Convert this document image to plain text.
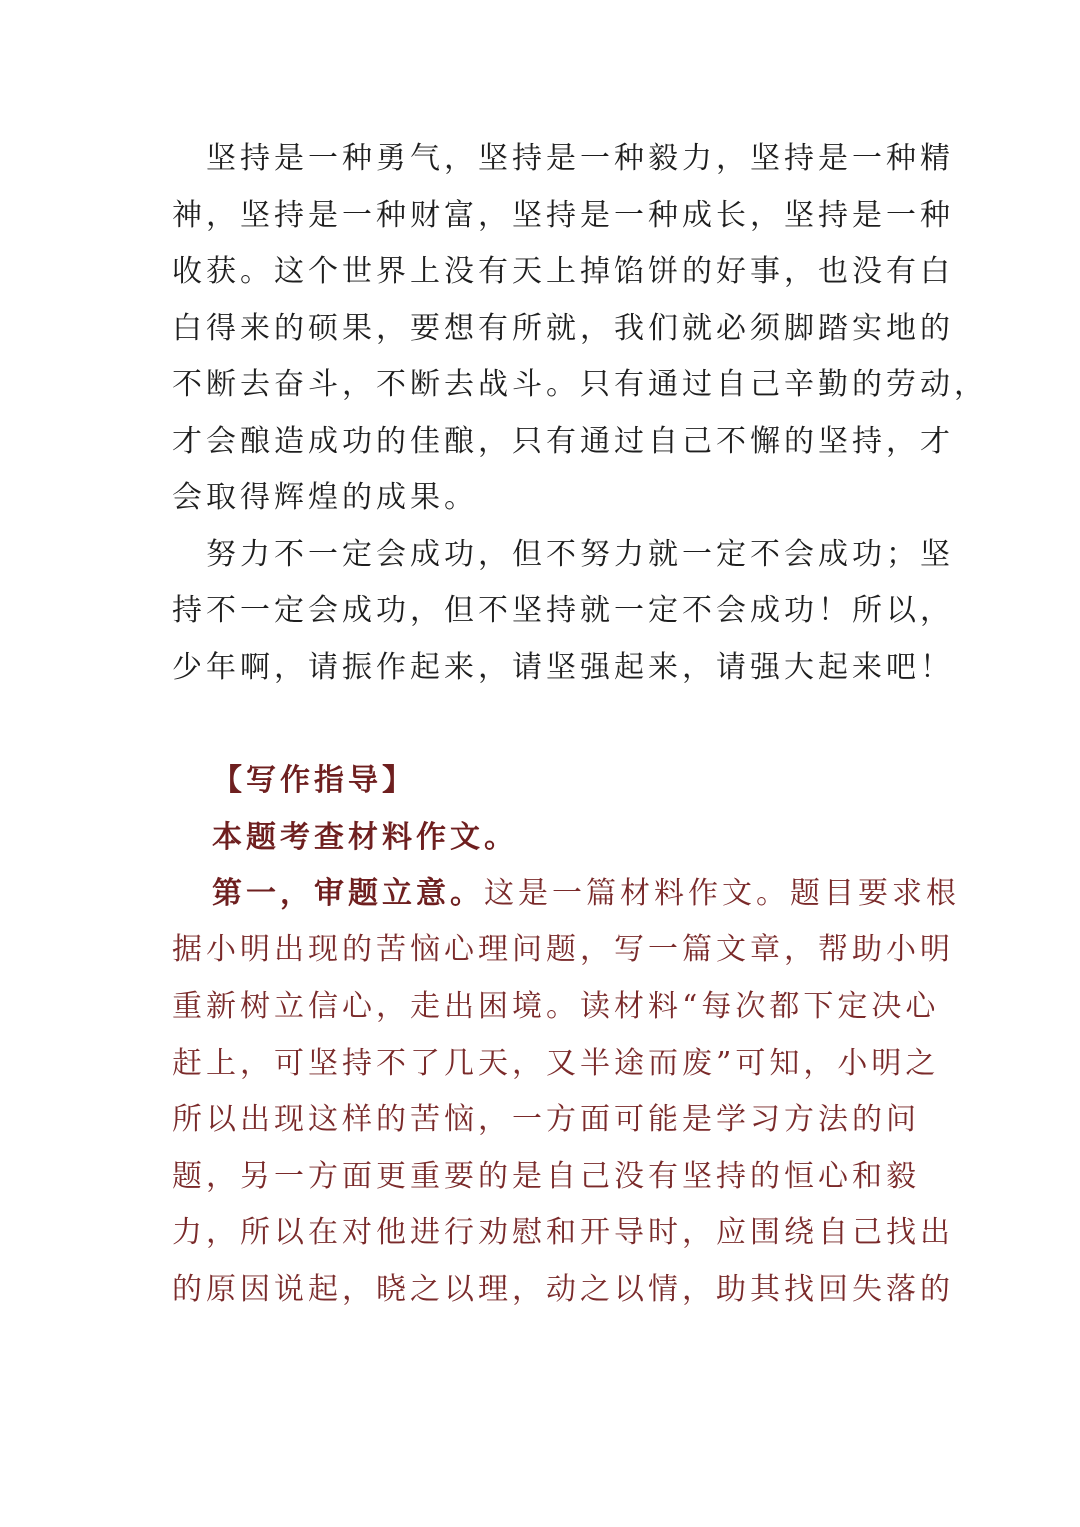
　坚持是一种勇气，坚持是一种毅力，坚持是一种精
神，坚持是一种财富，坚持是一种成长，坚持是一种
收获。这个世界上没有天上掉馅饼的好事，也没有白
白得来的硕果，要想有所就，我们就必须脚踏实地的
不断去奋斗，不断去战斗。只有通过自己辛勤的劳动，
才会酿造成功的佳酿，只有通过自己不懈的坚持，才
会取得辉煌的成果。
　努力不一定会成功，但不努力就一定不会成功；坚
持不一定会成功，但不坚持就一定不会成功！所以，
少年啊，请振作起来，请坚强起来，请强大起来吧！
【写作指导】
本题考查材料作文。
第一，审题立意。这是一篇材料作文。题目要求根
据小明出现的苦恼心理问题，写一篇文章，帮助小明
重新树立信心，走出困境。读材料“每次都下定决心
赶上，可坚持不了几天，又半途而废”可知，小明之
所以出现这样的苦恼，一方面可能是学习方法的问
题，另一方面更重要的是自己没有坚持的恒心和毅
力，所以在对他进行劝慰和开导时，应围绕自己找出
的原因说起，晓之以理，动之以情，助其找回失落的
